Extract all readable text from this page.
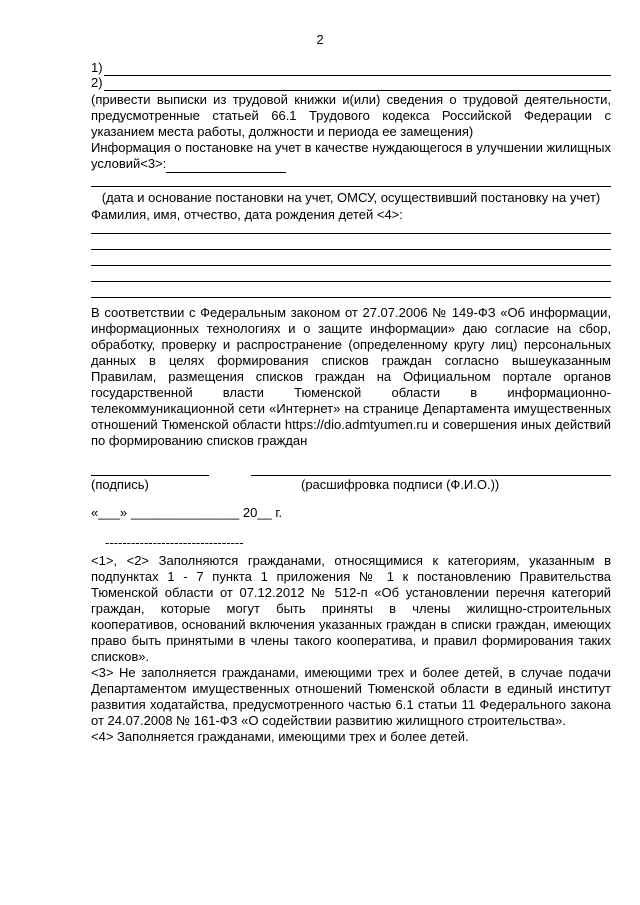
2
1)
2)
(привести выписки из трудовой книжки и(или) сведения о трудовой деятельности, предусмотренные статьей 66.1 Трудового кодекса Российской Федерации с указанием места работы, должности и периода ее замещения)
Информация о постановке на учет в качестве нуждающегося в улучшении жилищных условий<3>:
(дата и основание постановки на учет, ОМСУ, осуществивший постановку на учет)
Фамилия, имя, отчество, дата рождения детей <4>:
В соответствии с Федеральным законом от 27.07.2006 № 149-ФЗ «Об информации, информационных технологиях и о защите информации» даю согласие на сбор, обработку, проверку и распространение (определенному кругу лиц) персональных данных в целях формирования списков граждан согласно вышеуказанным Правилам, размещения списков граждан на Официальном портале органов государственной власти Тюменской области в информационно-телекоммуникационной сети «Интернет» на странице Департамента имущественных отношений Тюменской области https://dio.admtyumen.ru и совершения иных действий по формированию списков граждан
(подпись)	(расшифровка подписи (Ф.И.О.))
«___» _______________ 20__ г.
--------------------------------

<1>, <2> Заполняются гражданами, относящимися к категориям, указанным в подпунктах 1 - 7 пункта 1 приложения № 1 к постановлению Правительства Тюменской области от 07.12.2012 № 512-п «Об установлении перечня категорий граждан, которые могут быть приняты в члены жилищно-строительных кооперативов, оснований включения указанных граждан в списки граждан, имеющих право быть принятыми в члены такого кооператива, и правил формирования таких списков».

<3> Не заполняется гражданами, имеющими трех и более детей, в случае подачи Департаментом имущественных отношений Тюменской области в единый институт развития ходатайства, предусмотренного частью 6.1 статьи 11 Федерального закона от 24.07.2008 № 161-ФЗ «О содействии развитию жилищного строительства».

<4> Заполняется гражданами, имеющими трех и более детей.
